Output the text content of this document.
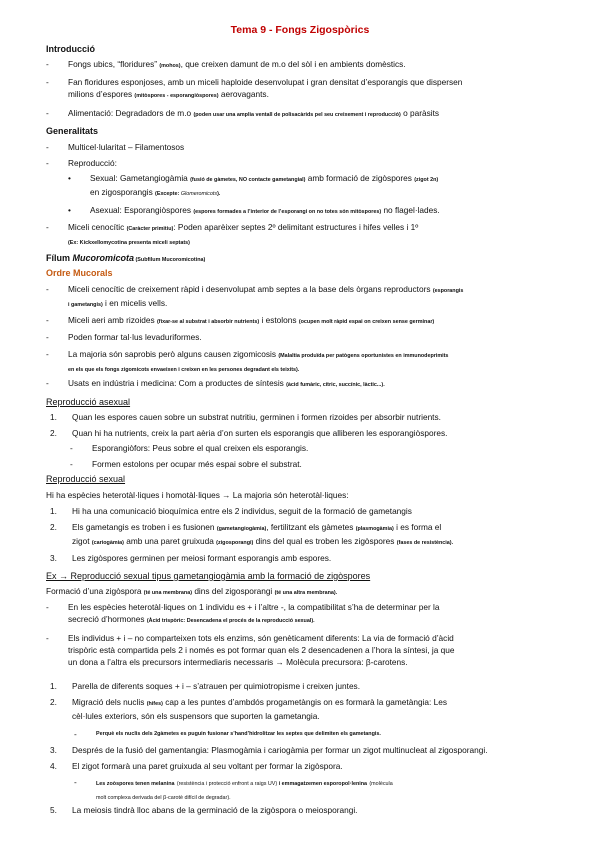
Tema 9 - Fongs Zigospòrics
Introducció
-	Fongs ubics, “floridures” (mohos), que creixen damunt de m.o del sòl i en ambients domèstics.
-	Fan floridures esponjoses, amb un miceli haploide desenvolupat i gran densitat d’esporangis que dispersen
milions d’espores (mitòspores - esporangiòspores) aerovagants.
-	Alimentació: Degradadors de m.o (poden usar una amplia ventall de polisacàrids pel seu creixement i reproducció) o paràsits
Generalitats
-	Multicel·lularitat – Filamentosos
-	Reproducció:
•	Sexual: Gametangiogàmia (fusió de gàmetes, NO contacte gametangial) amb formació de zigòspores (zigot 2n)
en zigosporangis (Excepte: Glomeromicots).
•	Asexual: Esporangiòspores (espores formades a l’interior de l’esporangi on no totes són mitòspores) no flagel·lades.
-	Miceli cenocític (Caràcter primitiu): Poden aparèixer septes 2º delimitant estructures i hifes velles i 1º
(Ex: Kickxellomycotina presenta miceli septats)
Fílum Mucoromicota (Subfilum Mucoromicotina)
Ordre Mucorals
-	Miceli cenocític de creixement ràpid i desenvolupat amb septes a la base dels òrgans reproductors (esporangis
i gametangis) i en micelis vells.
-	Miceli aeri amb rizoides (fixar-se al substrat i absorbir nutrients) i estolons (ocupen molt ràpid espai on creixen sense germinar)
-	Poden formar tal·lus levaduriformes.
-	La majoria són saprobis però alguns causen zigomicosis (Malaltia produïda per patògens oportunistes en immunodeprimits
en els que els fongs zigomicots envaeixen i creixen en les persones degradant els teixits).
-	Usats en indústria i medicina: Com a productes de síntesis (àcid fumàric, cítric, succínic, làctic...).
Reproducció asexual
1.	Quan les espores cauen sobre un substrat nutritiu, germinen i formen rizoides per absorbir nutrients.
2.	Quan hi ha nutrients, creix la part aèria d’on surten els esporangis que alliberen les esporangiòspores.
-	Esporangiòfors: Peus sobre el qual creixen els esporangis.
-	Formen estolons per ocupar més espai sobre el substrat.
Reproducció sexual
Hi ha espècies heterotàl·liques i homotàl·liques → La majoria són heterotàl·liques:
1.	Hi ha una comunicació bioquímica entre els 2 individus, seguit de la formació de gametangis
2.	Els gametangis es troben i es fusionen (gametangiogàmia), fertilitzant els gàmetes (plasmogàmia) i es forma el
zigot (cariogàmia) amb una paret gruixuda (zigosporangi) dins del qual es troben les zigòspores (fases de resistència).
3.	Les zigòspores germinen per meiosi formant esporangis amb espores.
Ex → Reproducció sexual tipus gametangiogàmia amb la formació de zigòspores
Formació d’una zigòspora (té una membrana) dins del zigosporangi (té una altra membrana).
-	En les espècies heterotàl·liques on 1 individu es + i l’altre -, la compatibilitat s’ha de determinar per la
secreció d’hormones (Àcid trispòric: Desencadena el procés de la reproducció sexual).
-	Els individus + i – no comparteixen tots els enzims, són genèticament diferents: La via de formació d’àcid
trispòric està compartida pels 2 i només es pot formar quan els 2 desencadenen a l’hora la síntesi, ja que
un dona a l’altra els precursors intermediaris necessaris → Molècula precursora: β-carotens.
1.	Parella de diferents soques + i – s’atrauen per quimiotropisme i creixen juntes.
2.	Migració dels nuclis (hifes) cap a les puntes d’ambdós progametàngis on es formarà la gametàngia: Les
cèl·lules exteriors, són els suspensors que suporten la gametangia.
-	Perquè els nuclis dels 2gàmetes es puguin fusionar s’hand’hidrolitzar les septes que delimiten els gametangis.
3.	Després de la fusió del gamentangia: Plasmogàmia i cariogàmia per formar un zigot multinucleat al zigosporangi.
4.	El zigot formarà una paret gruixuda al seu voltant per formar la zigòspora.
-	Les zoòspores tenen melanina (resistència i protecció enfront a raigs UV) i emmagatzemen esporopol·lenina (molècula
molt complexa derivada del β-carotè difícil de degradar).
5.	La meiosis tindrà lloc abans de la germinació de la zigòspora o meiosporangi.
